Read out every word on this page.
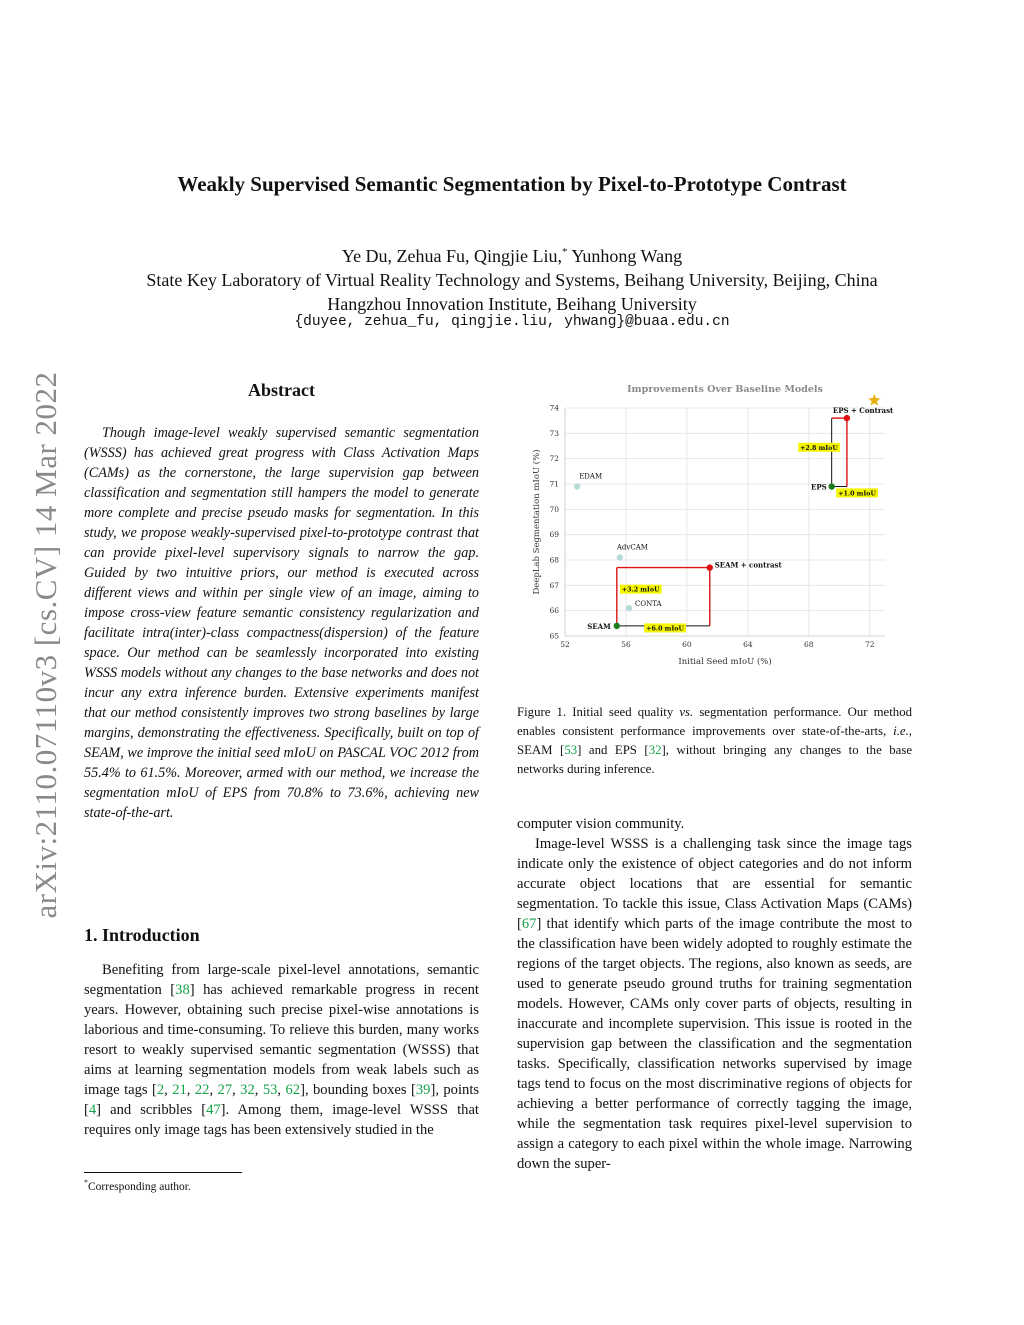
arXiv:2110.07110v3 [cs.CV] 14 Mar 2022
Weakly Supervised Semantic Segmentation by Pixel-to-Prototype Contrast
Ye Du, Zehua Fu, Qingjie Liu,* Yunhong Wang
State Key Laboratory of Virtual Reality Technology and Systems, Beihang University, Beijing, China
Hangzhou Innovation Institute, Beihang University
{duyee, zehua_fu, qingjie.liu, yhwang}@buaa.edu.cn
Abstract

Though image-level weakly supervised semantic segmentation (WSSS) has achieved great progress with Class Activation Maps (CAMs) as the cornerstone, the large supervision gap between classification and segmentation still hampers the model to generate more complete and precise pseudo masks for segmentation. In this study, we propose weakly-supervised pixel-to-prototype contrast that can provide pixel-level supervisory signals to narrow the gap. Guided by two intuitive priors, our method is executed across different views and within per single view of an image, aiming to impose cross-view feature semantic consistency regularization and facilitate intra(inter)-class compactness(dispersion) of the feature space. Our method can be seamlessly incorporated into existing WSSS models without any changes to the base networks and does not incur any extra inference burden. Extensive experiments manifest that our method consistently improves two strong baselines by large margins, demonstrating the effectiveness. Specifically, built on top of SEAM, we improve the initial seed mIoU on PASCAL VOC 2012 from 55.4% to 61.5%. Moreover, armed with our method, we increase the segmentation mIoU of EPS from 70.8% to 73.6%, achieving new state-of-the-art.

1. Introduction

Benefiting from large-scale pixel-level annotations, semantic segmentation [38] has achieved remarkable progress in recent years. However, obtaining such precise pixel-wise annotations is laborious and time-consuming. To relieve this burden, many works resort to weakly supervised semantic segmentation (WSSS) that aims at learning segmentation models from weak labels such as image tags [2, 21, 22, 27, 32, 53, 62], bounding boxes [39], points [4] and scribbles [47]. Among them, image-level WSSS that requires only image tags has been extensively studied in the

*Corresponding author.
Improvements Over Baseline Models
52	56	60	64	68	72
65
66
67
68
69
70
71
72
73
74
Initial Seed mIoU (%)
DeepLab Segmentation mIoU (%)	EDAM
AdvCAM
CONTA
SEAM
SEAM + contrast
EPS
EPS + Contrast
+3.2 mIoU
+6.0 mIoU
+2.8 mIoU
+1.0 mIoU
Figure 1. Initial seed quality vs. segmentation performance. Our method enables consistent performance improvements over state-of-the-arts, i.e., SEAM [53] and EPS [32], without bringing any changes to the base networks during inference.

computer vision community.

Image-level WSSS is a challenging task since the image tags indicate only the existence of object categories and do not inform accurate object locations that are essential for semantic segmentation. To tackle this issue, Class Activation Maps (CAMs) [67] that identify which parts of the image contribute the most to the classification have been widely adopted to roughly estimate the regions of the target objects. The regions, also known as seeds, are used to generate pseudo ground truths for training segmentation models. However, CAMs only cover parts of objects, resulting in inaccurate and incomplete supervision. This issue is rooted in the supervision gap between the classification and the segmentation tasks. Specifically, classification networks supervised by image tags tend to focus on the most discriminative regions of objects for achieving a better performance of correctly tagging the image, while the segmentation task requires pixel-level supervision to assign a category to each pixel within the whole image. Narrowing down the super-
